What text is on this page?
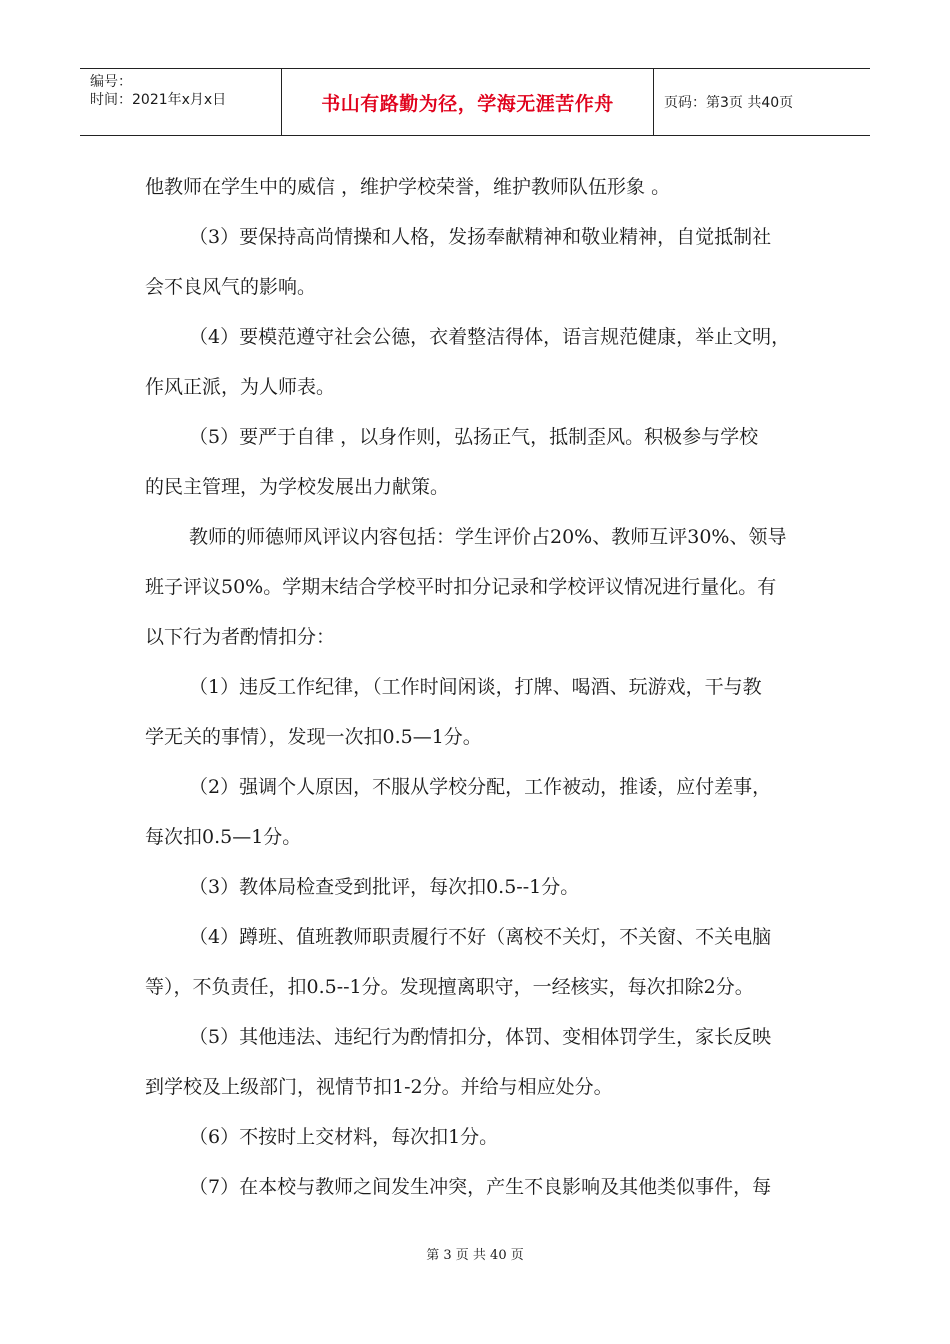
编号：
时间：2021年x月x日	书山有路勤为径，学海无涯苦作舟	页码：第3页 共40页
他教师在学生中的威信 ，维护学校荣誉，维护教师队伍形象 。
（3）要保持高尚情操和人格，发扬奉献精神和敬业精神，自觉抵制社
会不良风气的影响。
（4）要模范遵守社会公德，衣着整洁得体，语言规范健康，举止文明，
作风正派，为人师表。
（5）要严于自律 ，以身作则，弘扬正气，抵制歪风。积极参与学校
的民主管理，为学校发展出力献策。
教师的师德师风评议内容包括：学生评价占20%、教师互评30%、领导
班子评议50%。学期末结合学校平时扣分记录和学校评议情况进行量化。有
以下行为者酌情扣分：
（1）违反工作纪律，（工作时间闲谈，打牌、喝酒、玩游戏，干与教
学无关的事情），发现一次扣0.5—1分。
（2）强调个人原因，不服从学校分配，工作被动，推诿，应付差事，
每次扣0.5—1分。
（3）教体局检查受到批评，每次扣0.5--1分。
（4）蹲班、值班教师职责履行不好（离校不关灯，不关窗、不关电脑
等），不负责任，扣0.5--1分。发现擅离职守，一经核实，每次扣除2分。
（5）其他违法、违纪行为酌情扣分，体罚、变相体罚学生，家长反映
到学校及上级部门，视情节扣1-2分。并给与相应处分。
（6）不按时上交材料，每次扣1分。
（7）在本校与教师之间发生冲突，产生不良影响及其他类似事件，每
第 3 页 共 40 页
